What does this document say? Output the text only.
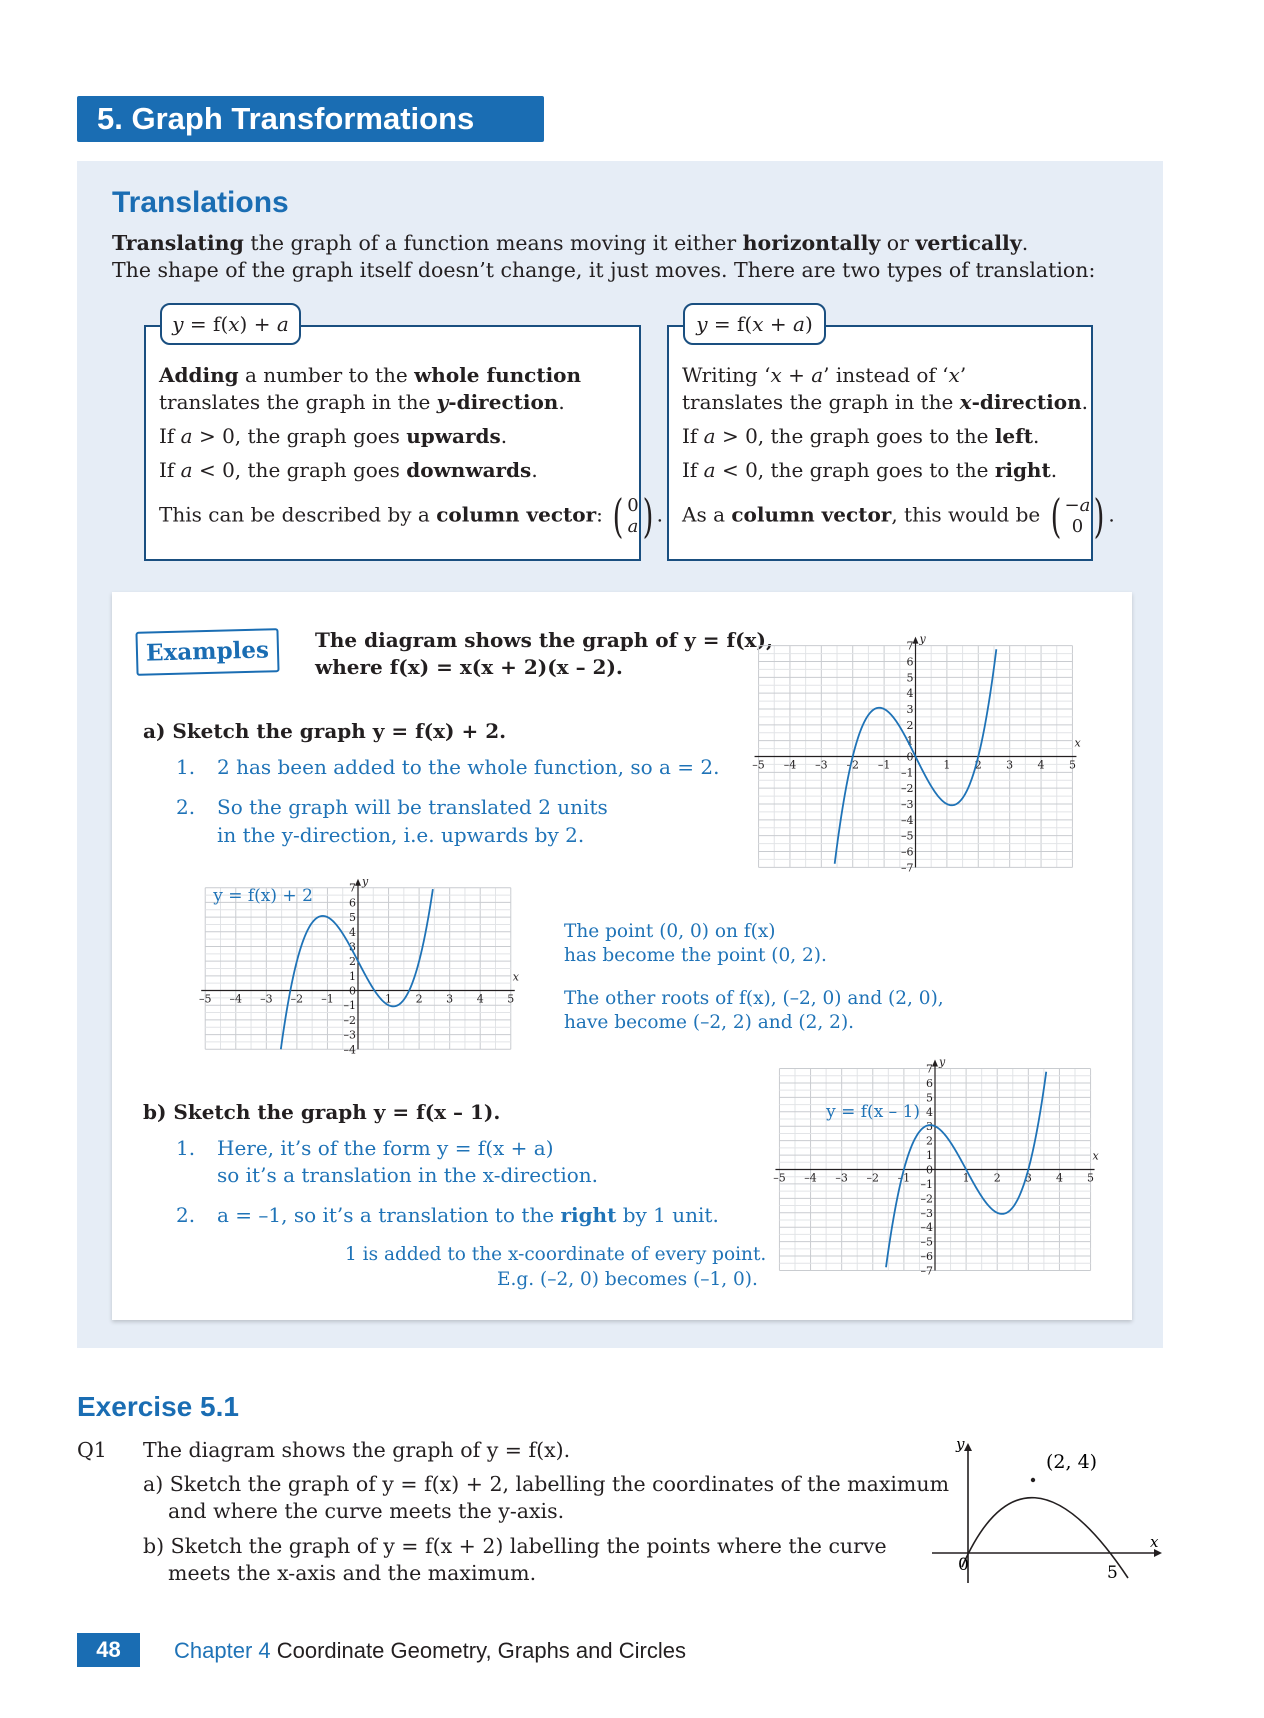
5. Graph Transformations
Translations
Translating the graph of a function means moving it either horizontally or vertically.
The shape of the graph itself doesn’t change, it just moves. There are two types of translation:
y = f(x) + a
Adding a number to the whole function
translates the graph in the y-direction.
If a > 0, the graph goes upwards.
If a < 0, the graph goes downwards.
This can be described by a column vector: ( 0
a ) .
y = f(x + a)
Writing ‘x + a’ instead of ‘x’
translates the graph in the x-direction.
If a > 0, the graph goes to the left.
If a < 0, the graph goes to the right.
As a column vector, this would be ( −a
0 ) .
Examples	The diagram shows the graph of y = f(x),
where f(x) = x(x + 2)(x – 2).
a) Sketch the graph y = f(x) + 2.
1. 2 has been added to the whole function, so a = 2.
2. So the graph will be translated 2 units
in the y-direction, i.e. upwards by 2.
The point (0, 0) on f(x)
has become the point (0, 2).
The other roots of f(x), (–2, 0) and (2, 0),
have become (–2, 2) and (2, 2).
b) Sketch the graph y = f(x – 1).
1. Here, it’s of the form y = f(x + a)
so it’s a translation in the x-direction.
2. a = –1, so it’s a translation to the right by 1 unit.
1 is added to the x-coordinate of every point.
E.g. (–2, 0) becomes (–1, 0).
x
y
–5 –4 –3 –2 –1	1 2 3 4 5
7
6
5
4
3
2
1
0
–1
–2
–3
–4
–5
–6
–7
x
y
–5 –4 –3 –2 –1	1 2 3 4 5
7
6
5
4
3
2
1
0
–1
–2
–3
–4
y = f(x) + 2
x
y
–5 –4 –3 –2 –1	1 2 3 4 5
7
6
5
4
3
2
1
0
–1
–2
–3
–4
–5
–6
–7
y = f(x – 1)
Exercise 5.1
Q1 The diagram shows the graph of y = f(x).
a) Sketch the graph of y = f(x) + 2, labelling the coordinates of the maximum
and where the curve meets the y-axis.
b) Sketch the graph of y = f(x + 2) labelling the points where the curve
meets the x-axis and the maximum.
(2, 4)
y
x
0	5
48	Chapter 4 Coordinate Geometry, Graphs and Circles
